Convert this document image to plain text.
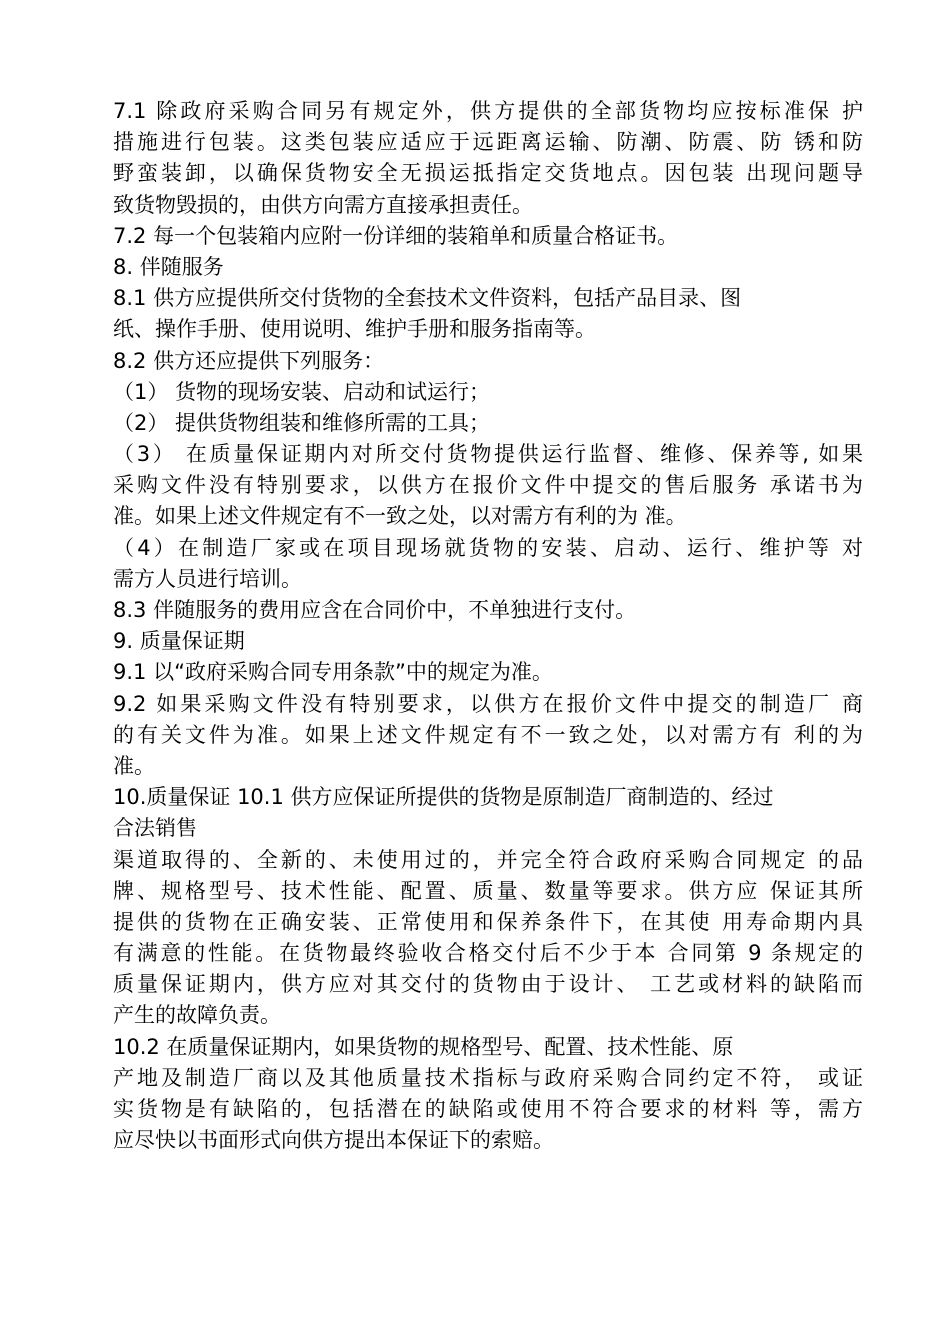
7.1 除政府采购合同另有规定外，供方提供的全部货物均应按标准保 护
措施进行包装。这类包装应适应于远距离运输、防潮、防震、防 锈和防
野蛮装卸，以确保货物安全无损运抵指定交货地点。因包装 出现问题导
致货物毁损的，由供方向需方直接承担责任。
7.2 每一个包装箱内应附一份详细的装箱单和质量合格证书。
8. 伴随服务
8.1 供方应提供所交付货物的全套技术文件资料，包括产品目录、图
纸、操作手册、使用说明、维护手册和服务指南等。
8.2 供方还应提供下列服务：
（1） 货物的现场安装、启动和试运行；
（2） 提供货物组装和维修所需的工具；
（3） 在质量保证期内对所交付货物提供运行监督、维修、保养等, 如果
采购文件没有特别要求，以供方在报价文件中提交的售后服务 承诺书为
准。如果上述文件规定有不一致之处，以对需方有利的为 准。
（4）在制造厂家或在项目现场就货物的安装、启动、运行、维护等 对
需方人员进行培训。
8.3 伴随服务的费用应含在合同价中，不单独进行支付。
9. 质量保证期
9.1 以“政府采购合同专用条款”中的规定为准。
9.2 如果采购文件没有特别要求，以供方在报价文件中提交的制造厂 商
的有关文件为准。如果上述文件规定有不一致之处，以对需方有 利的为
准。
10.质量保证 10.1 供方应保证所提供的货物是原制造厂商制造的、经过
合法销售
渠道取得的、全新的、未使用过的，并完全符合政府采购合同规定 的品
牌、规格型号、技术性能、配置、质量、数量等要求。供方应 保证其所
提供的货物在正确安装、正常使用和保养条件下，在其使 用寿命期内具
有满意的性能。在货物最终验收合格交付后不少于本 合同第 9 条规定的
质量保证期内，供方应对其交付的货物由于设计、 工艺或材料的缺陷而
产生的故障负责。
10.2 在质量保证期内，如果货物的规格型号、配置、技术性能、原
产地及制造厂商以及其他质量技术指标与政府采购合同约定不符， 或证
实货物是有缺陷的，包括潜在的缺陷或使用不符合要求的材料 等，需方
应尽快以书面形式向供方提出本保证下的索赔。
